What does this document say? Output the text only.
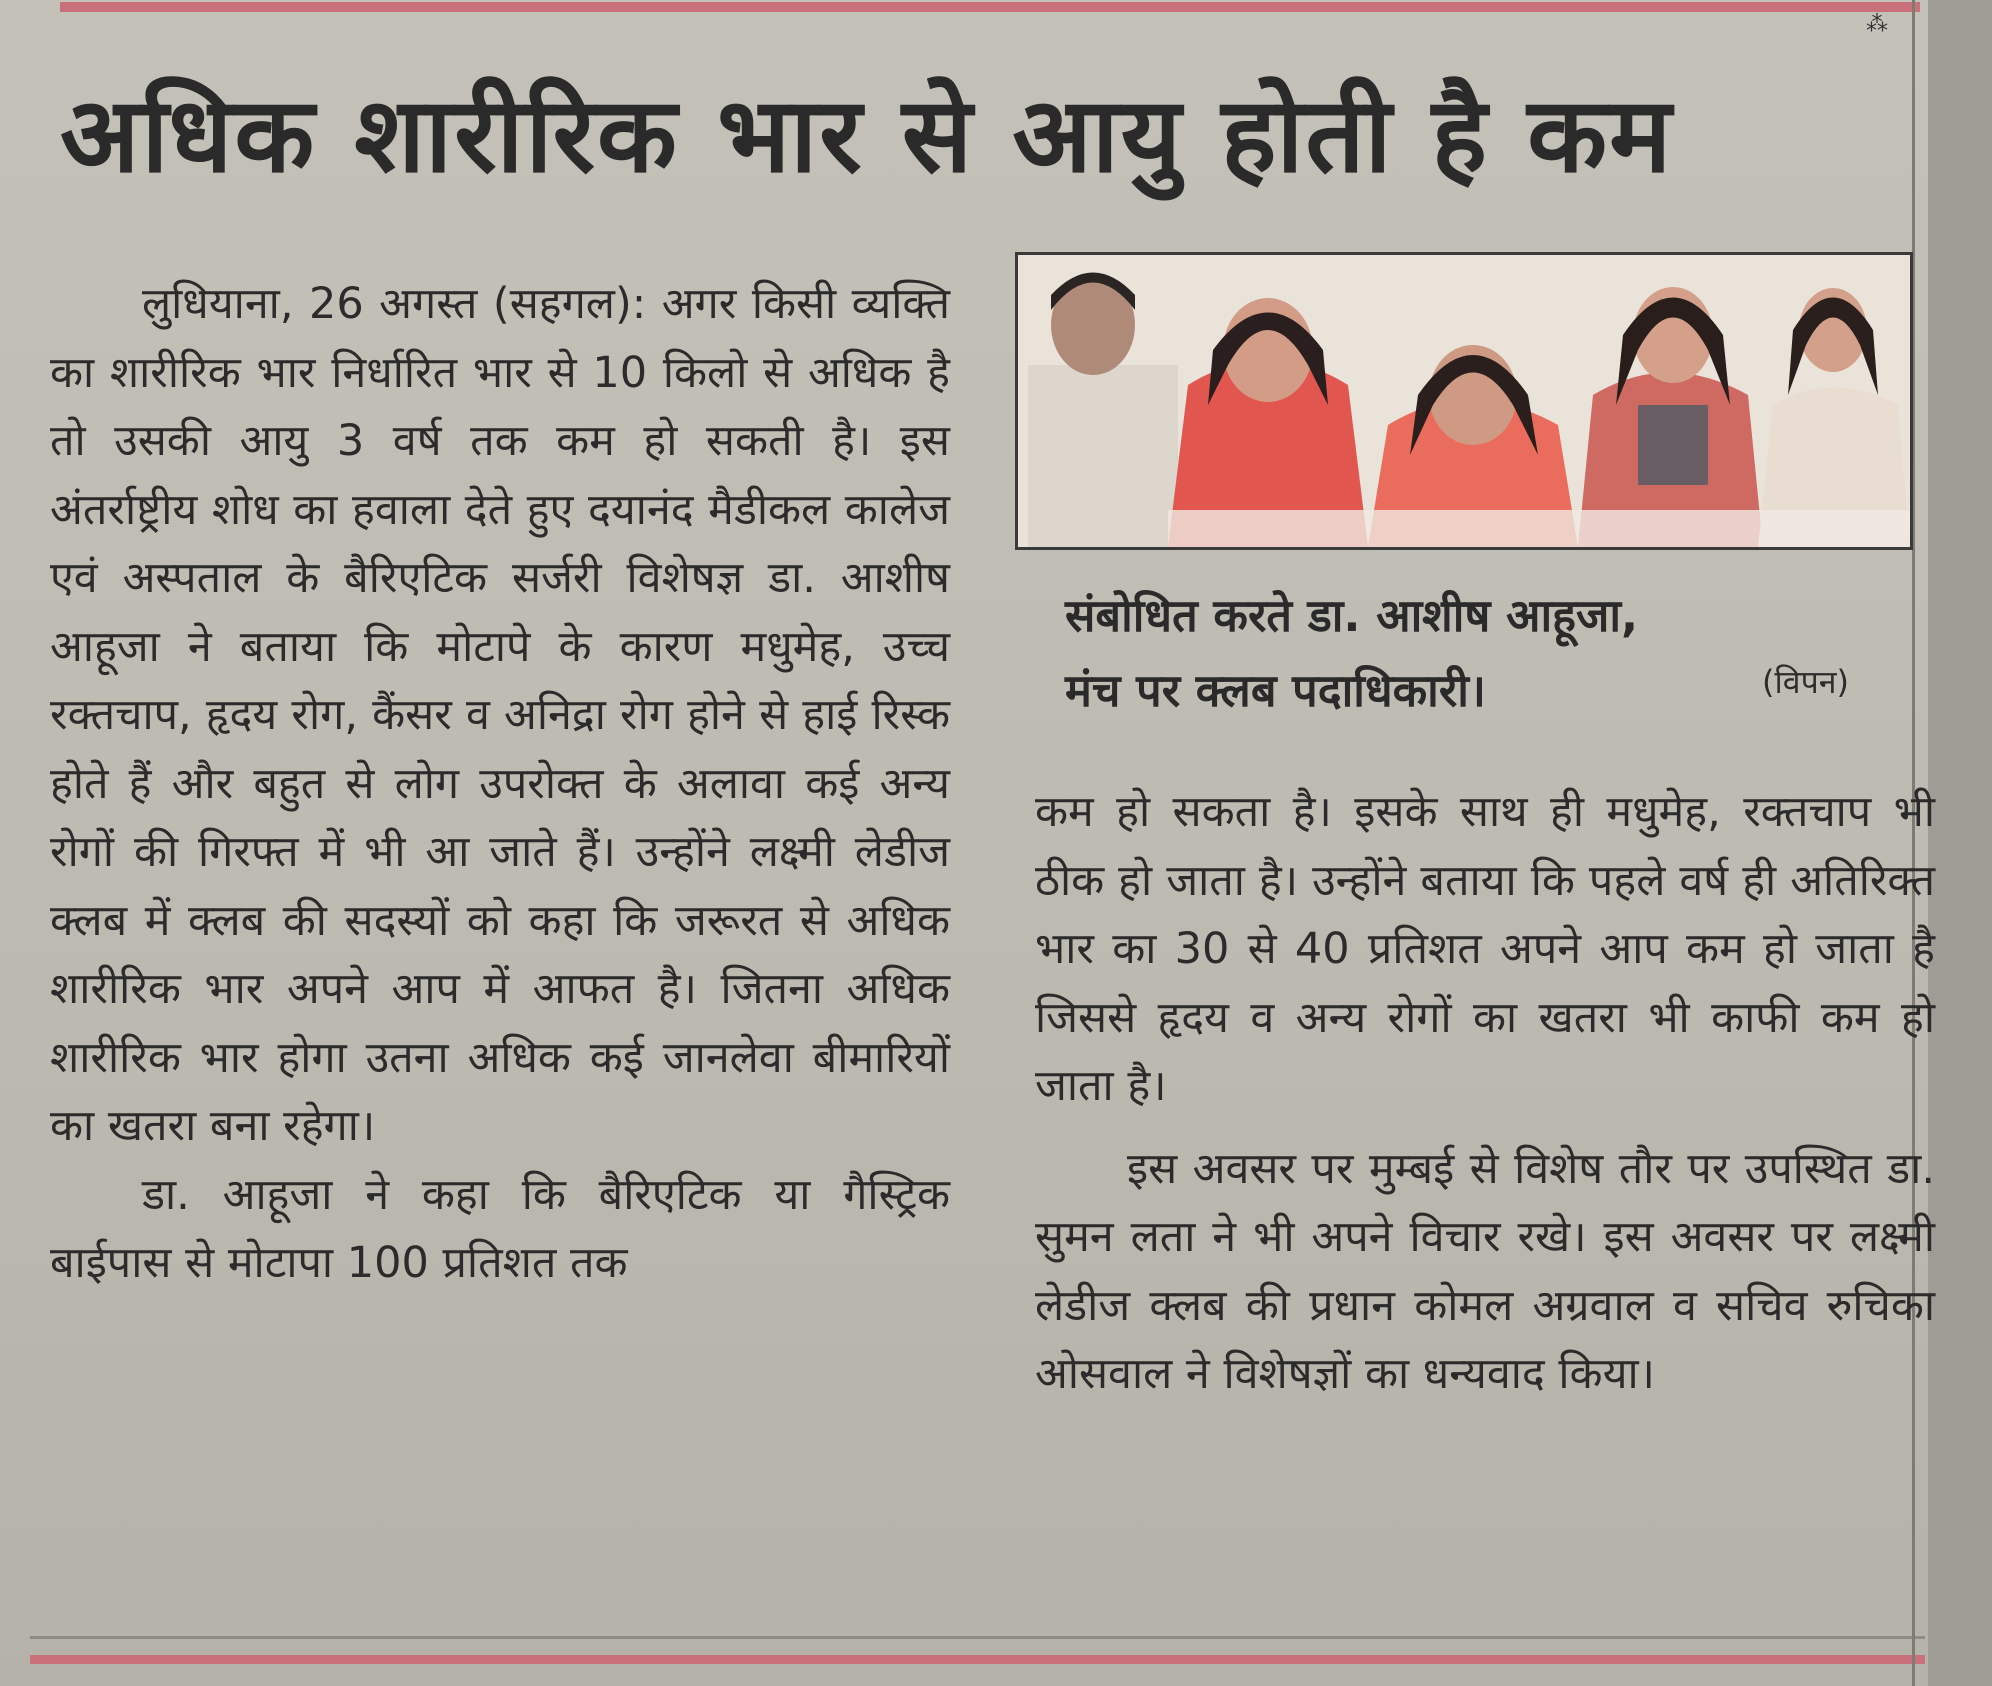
⁂
अधिक शारीरिक भार से आयु होती है कम

लुधियाना, 26 अगस्त (सहगल): अगर किसी व्यक्ति का शारीरिक भार निर्धारित भार से 10 किलो से अधिक है तो उसकी आयु 3 वर्ष तक कम हो सकती है। इस अंतर्राष्ट्रीय शोध का हवाला देते हुए दयानंद मैडीकल कालेज एवं अस्पताल के बैरिएटिक सर्जरी विशेषज्ञ डा. आशीष आहूजा ने बताया कि मोटापे के कारण मधुमेह, उच्च रक्तचाप, हृदय रोग, कैंसर व अनिद्रा रोग होने से हाई रिस्क होते हैं और बहुत से लोग उपरोक्त के अलावा कई अन्य रोगों की गिरफ्त में भी आ जाते हैं। उन्होंने लक्ष्मी लेडीज क्लब में क्लब की सदस्यों को कहा कि जरूरत से अधिक शारीरिक भार अपने आप में आफत है। जितना अधिक शारीरिक भार होगा उतना अधिक कई जानलेवा बीमारियों का खतरा बना रहेगा।

डा. आहूजा ने कहा कि बैरिएटिक या गैस्ट्रिक बाईपास से मोटापा 100 प्रतिशत तक

संबोधित करते डा. आशीष आहूजा,
मंच पर क्लब पदाधिकारी।	(विपन)

कम हो सकता है। इसके साथ ही मधुमेह, रक्तचाप भी ठीक हो जाता है। उन्होंने बताया कि पहले वर्ष ही अतिरिक्त भार का 30 से 40 प्रतिशत अपने आप कम हो जाता है जिससे हृदय व अन्य रोगों का खतरा भी काफी कम हो जाता है।

इस अवसर पर मुम्बई से विशेष तौर पर उपस्थित डा. सुमन लता ने भी अपने विचार रखे। इस अवसर पर लक्ष्मी लेडीज क्लब की प्रधान कोमल अग्रवाल व सचिव रुचिका ओसवाल ने विशेषज्ञों का धन्यवाद किया।
